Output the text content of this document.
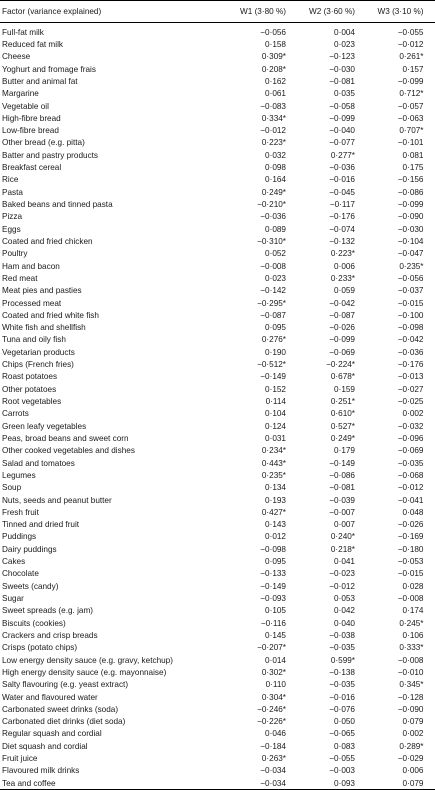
Factor (variance explained)	W1 (3·80 %)	W2 (3·60 %)	W3 (3·10 %)
Full-fat milk	−0·056	0·004	−0·055
Reduced fat milk	0·158	0·023	−0·012
Cheese	0·309*	−0·123	0·261*
Yoghurt and fromage frais	0·208*	−0·030	0·157
Butter and animal fat	0·162	−0·081	−0·099
Margarine	0·061	0·035	0·712*
Vegetable oil	−0·083	−0·058	−0·057
High-fibre bread	0·334*	−0·099	−0·063
Low-fibre bread	−0·012	−0·040	0·707*
Other bread (e.g. pitta)	0·223*	−0·077	−0·101
Batter and pastry products	0·032	0·277*	0·081
Breakfast cereal	0·098	−0·036	0·175
Rice	0·164	−0·016	−0·156
Pasta	0·249*	−0·045	−0·086
Baked beans and tinned pasta	−0·210*	−0·117	−0·099
Pizza	−0·036	−0·176	−0·090
Eggs	0·089	−0·074	−0·030
Coated and fried chicken	−0·310*	−0·132	−0·104
Poultry	0·052	0·223*	−0·047
Ham and bacon	−0·008	0·006	0·235*
Red meat	0·023	0·233*	−0·056
Meat pies and pasties	−0·142	0·059	−0·037
Processed meat	−0·295*	−0·042	−0·015
Coated and fried white fish	−0·087	−0·087	−0·100
White fish and shellfish	0·095	−0·026	−0·098
Tuna and oily fish	0·276*	−0·099	−0·042
Vegetarian products	0·190	−0·069	−0·036
Chips (French fries)	−0·512*	−0·224*	−0·176
Roast potatoes	−0·149	0·678*	−0·013
Other potatoes	0·152	0·159	−0·027
Root vegetables	0·114	0·251*	−0·025
Carrots	0·104	0·610*	0·002
Green leafy vegetables	0·124	0·527*	−0·032
Peas, broad beans and sweet corn	0·031	0·249*	−0·096
Other cooked vegetables and dishes	0·234*	0·179	−0·069
Salad and tomatoes	0·443*	−0·149	−0·035
Legumes	0·235*	−0·086	−0·068
Soup	0·134	−0·081	−0·012
Nuts, seeds and peanut butter	0·193	−0·039	−0·041
Fresh fruit	0·427*	−0·007	0·048
Tinned and dried fruit	0·143	0·007	−0·026
Puddings	0·012	0·240*	−0·169
Dairy puddings	−0·098	0·218*	−0·180
Cakes	0·095	0·041	−0·053
Chocolate	−0·133	−0·023	−0·015
Sweets (candy)	−0·149	−0·012	0·028
Sugar	−0·093	0·053	−0·008
Sweet spreads (e.g. jam)	0·105	0·042	0·174
Biscuits (cookies)	−0·116	0·040	0·245*
Crackers and crisp breads	0·145	−0·038	0·106
Crisps (potato chips)	−0·207*	−0·035	0·333*
Low energy density sauce (e.g. gravy, ketchup)	0·014	0·599*	−0·008
High energy density sauce (e.g. mayonnaise)	0·302*	−0·138	−0·010
Salty flavouring (e.g. yeast extract)	0·110	−0·035	0·345*
Water and flavoured water	0·304*	−0·016	−0·128
Carbonated sweet drinks (soda)	−0·246*	−0·076	−0·090
Carbonated diet drinks (diet soda)	−0·226*	0·050	0·079
Regular squash and cordial	0·046	−0·065	0·002
Diet squash and cordial	−0·184	0·083	0·289*
Fruit juice	0·263*	−0·055	−0·029
Flavoured milk drinks	−0·034	−0·003	0·006
Tea and coffee	−0·034	0·093	0·079
